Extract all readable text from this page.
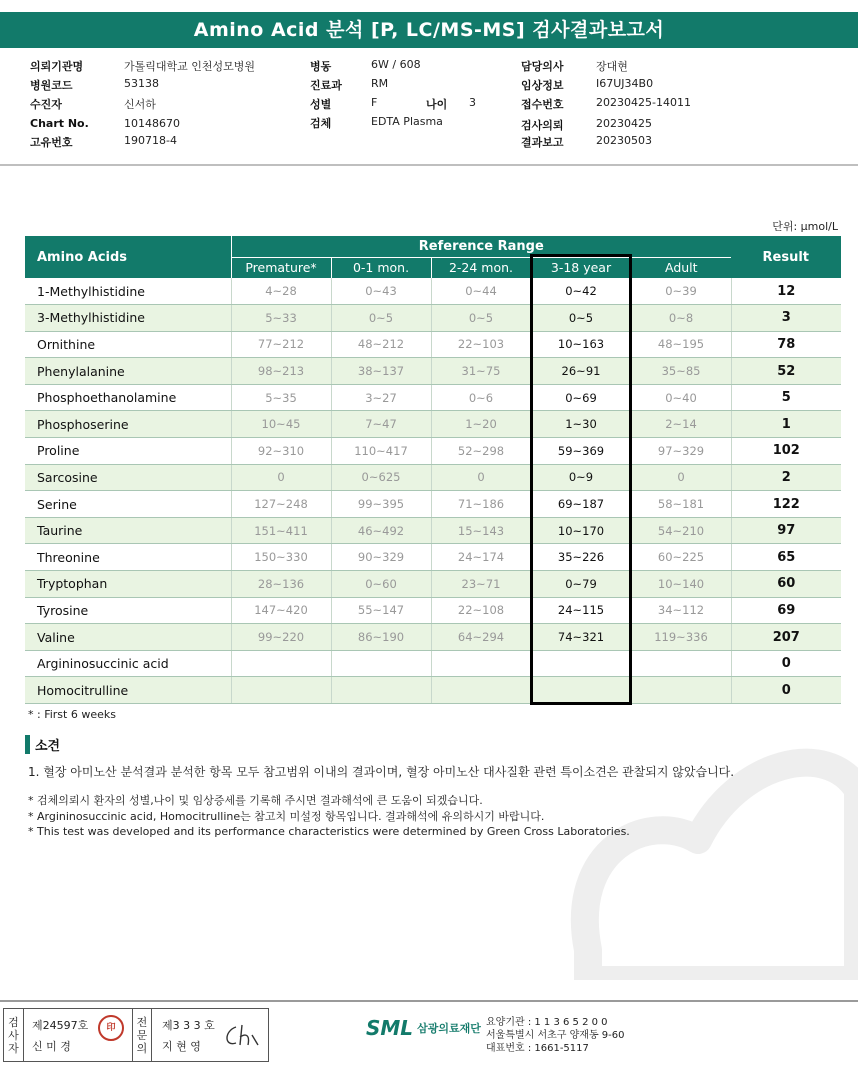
Amino Acid 분석 [P, LC/MS-MS] 검사결과보고서
의뢰기관명	가톨릭대학교 인천성모병원
병원코드	53138
수진자	신서하
Chart No.	10148670
고유번호	190718-4
병동	6W / 608
진료과	RM
성별	F	나이 3
검체	EDTA Plasma
담당의사	장대현
임상정보	I67UJ34B0
접수번호	20230425-14011
검사의뢰	20230425
결과보고	20230503
단위: μmol/L
Amino Acids	Reference Range					Result
	Premature*	0-1 mon.	2-24 mon.	3-18 year	Adult	
1-Methylhistidine	4~28	0~43	0~44	0~42	0~39	12
3-Methylhistidine	5~33	0~5	0~5	0~5	0~8	3
Ornithine	77~212	48~212	22~103	10~163	48~195	78
Phenylalanine	98~213	38~137	31~75	26~91	35~85	52
Phosphoethanolamine	5~35	3~27	0~6	0~69	0~40	5
Phosphoserine	10~45	7~47	1~20	1~30	2~14	1
Proline	92~310	110~417	52~298	59~369	97~329	102
Sarcosine	0	0~625	0	0~9	0	2
Serine	127~248	99~395	71~186	69~187	58~181	122
Taurine	151~411	46~492	15~143	10~170	54~210	97
Threonine	150~330	90~329	24~174	35~226	60~225	65
Tryptophan	28~136	0~60	23~71	0~79	10~140	60
Tyrosine	147~420	55~147	22~108	24~115	34~112	69
Valine	99~220	86~190	64~294	74~321	119~336	207
Argininosuccinic acid						0
Homocitrulline						0
* : First 6 weeks
소견
1. 혈장 아미노산 분석결과 분석한 항목 모두 참고범위 이내의 결과이며, 혈장 아미노산 대사질환 관련 특이소견은 관찰되지 않았습니다.
* 검체의뢰시 환자의 성별,나이 및 임상증세를 기록해 주시면 결과해석에 큰 도움이 되겠습니다.
* Argininosuccinic acid, Homocitrulline는 참고치 미설정 항목입니다. 결과해석에 유의하시기 바랍니다.
* This test was developed and its performance characteristics were determined by Green Cross Laboratories.
검
사
자
제24597호
신 미 경
전
문
의
제3 3 3 호
지 현 영
印	SML 삼광의료재단 요양기관 : 1 1 3 6 5 2 0 0
서울특별시 서초구 양재동 9-60
대표번호 : 1661-5117
